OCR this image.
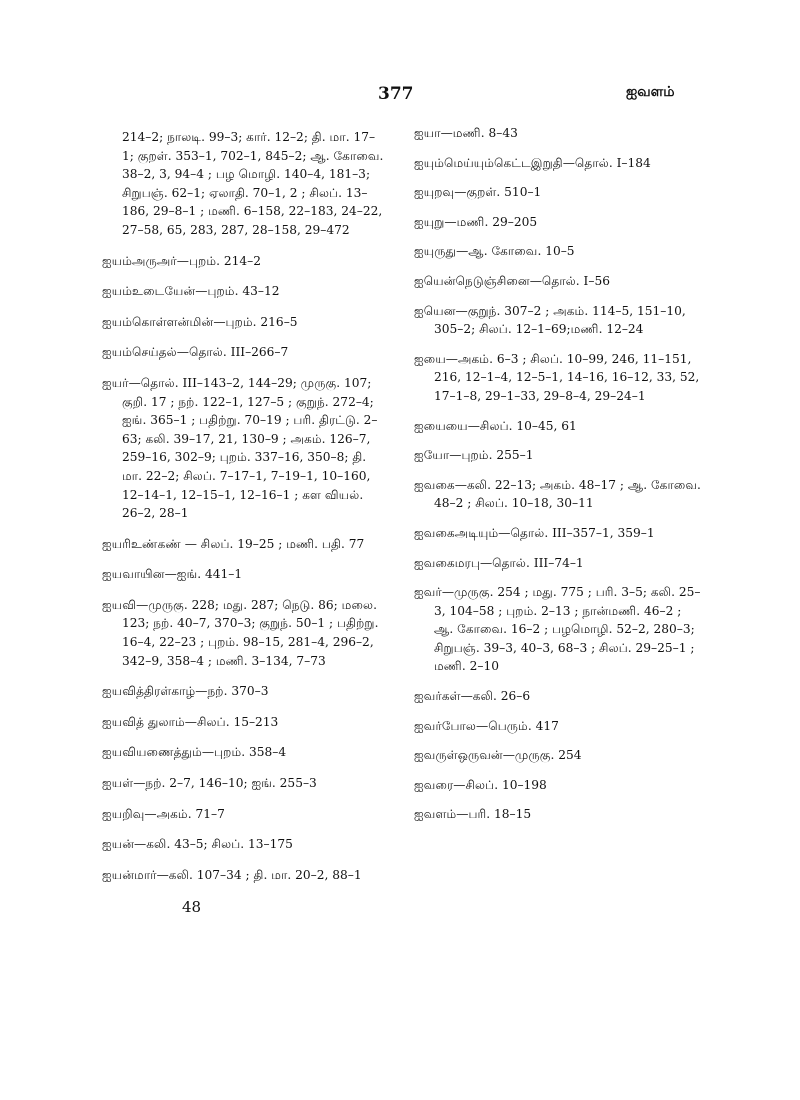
377	ஐவளம்

214–2; நாலடி. 99–3; கார். 12–2; தி. மா. 17–1; குறள். 353–1, 702–1, 845–2; ஆ. கோவை. 38–2, 3, 94–4 ; பழ மொழி. 140–4, 181–3; சிறுபஞ். 62–1; ஏலாதி. 70–1, 2 ; சிலப். 13–186, 29–8–1 ; மணி. 6–158, 22–183, 24–22, 27–58, 65, 283, 287, 28–158, 29–472

ஐயம்அருஅர்—புறம். 214–2

ஐயம்உடையேன்—புறம். 43–12

ஐயம்கொள்ளன்மின்—புறம். 216–5

ஐயம்செய்தல்—தொல். III–266–7

ஐயர்—தொல். III–143–2, 144–29; முருகு. 107; குறி. 17 ; நற். 122–1, 127–5 ; குறுந். 272–4; ஐங். 365–1 ; பதிற்று. 70–19 ; பரி. திரட்டு. 2–63; கலி. 39–17, 21, 130–9 ; அகம். 126–7, 259–16, 302–9; புறம். 337–16, 350–8; தி. மா. 22–2; சிலப். 7–17–1, 7–19–1, 10–160, 12–14–1, 12–15–1, 12–16–1 ; கள வியல். 26–2, 28–1

ஐயரிஉண்கண் — சிலப். 19–25 ; மணி. பதி. 77

ஐயவாயின—ஐங். 441–1

ஐயவி—முருகு. 228; மது. 287; நெடு. 86; மலை. 123; நற். 40–7, 370–3; குறுந். 50–1 ; பதிற்று. 16–4, 22–23 ; புறம். 98–15, 281–4, 296–2, 342–9, 358–4 ; மணி. 3–134, 7–73

ஐயவித்திரள்காழ்—நற். 370–3

ஐயவித் துலாம்—சிலப். 15–213

ஐயவியணைத்தும்—புறம். 358–4

ஐயள்—நற். 2–7, 146–10; ஐங். 255–3

ஐயறிவு—அகம். 71–7

ஐயன்—கலி. 43–5; சிலப். 13–175

ஐயன்மார்—கலி. 107–34 ; தி. மா. 20–2, 88–1

ஐயா—மணி. 8–43

ஐயும்மெய்யும்கெட்டஇறுதி—தொல். I–184

ஐயுறவு—குறள். 510–1

ஐயுறு—மணி. 29–205

ஐயுருது—ஆ. கோவை. 10–5

ஐயென்நெடுஞ்சினை—தொல். I–56

ஐயென—குறுந். 307–2 ; அகம். 114–5, 151–10, 305–2; சிலப். 12–1–69;மணி. 12–24

ஐயை—அகம். 6–3 ; சிலப். 10–99, 246, 11–151, 216, 12–1–4, 12–5–1, 14–16, 16–12, 33, 52, 17–1–8, 29–1–33, 29–8–4, 29–24–1

ஐயையை—சிலப். 10–45, 61

ஐயோ—புறம். 255–1

ஐவகை—கலி. 22–13; அகம். 48–17 ; ஆ. கோவை. 48–2 ; சிலப். 10–18, 30–11

ஐவகைஅடியும்—தொல். III–357–1, 359–1

ஐவகைமரபு—தொல். III–74–1

ஐவர்—முருகு. 254 ; மது. 775 ; பரி. 3–5; கலி. 25–3, 104–58 ; புறம். 2–13 ; நான்மணி. 46–2 ; ஆ. கோவை. 16–2 ; பழமொழி. 52–2, 280–3; சிறுபஞ். 39–3, 40–3, 68–3 ; சிலப். 29–25–1 ; மணி. 2–10

ஐவர்கள்—கலி. 26–6

ஐவர்போல—பெரும். 417

ஐவருள்ஒருவன்—முருகு. 254

ஐவரை—சிலப். 10–198

ஐவளம்—பரி. 18–15

48
